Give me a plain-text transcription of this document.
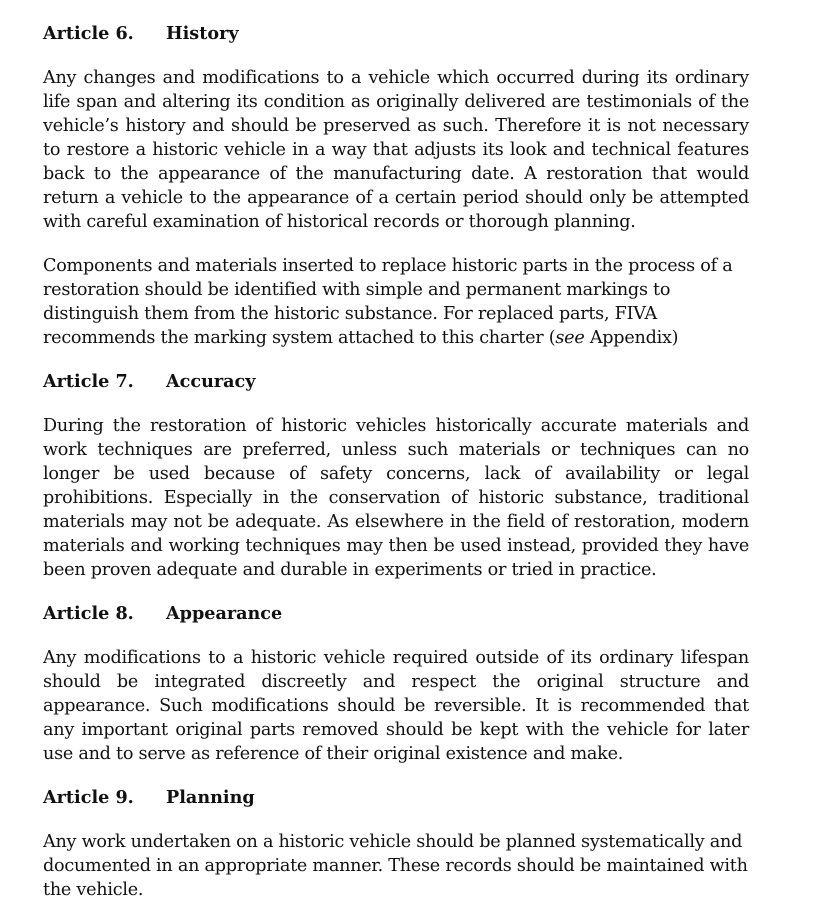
Article 6.	History

Any changes and modifications to a vehicle which occurred during its ordinary life span and altering its condition as originally delivered are testimonials of the vehicle’s history and should be preserved as such. Therefore it is not necessary to restore a historic vehicle in a way that adjusts its look and technical features back to the appearance of the manufacturing date. A restoration that would return a vehicle to the appearance of a certain period should only be attempted with careful examination of historical records or thorough planning.

Components and materials inserted to replace historic parts in the process of a restoration should be identified with simple and permanent markings to distinguish them from the historic substance. For replaced parts, FIVA recommends the marking system attached to this charter (see Appendix)

Article 7.	Accuracy

During the restoration of historic vehicles historically accurate materials and work techniques are preferred, unless such materials or techniques can no longer be used because of safety concerns, lack of availability or legal prohibitions. Especially in the conservation of historic substance, traditional materials may not be adequate. As elsewhere in the field of restoration, modern materials and working techniques may then be used instead, provided they have been proven adequate and durable in experiments or tried in practice.

Article 8.	Appearance

Any modifications to a historic vehicle required outside of its ordinary lifespan should be integrated discreetly and respect the original structure and appearance. Such modifications should be reversible. It is recommended that any important original parts removed should be kept with the vehicle for later use and to serve as reference of their original existence and make.

Article 9.	Planning

Any work undertaken on a historic vehicle should be planned systematically and documented in an appropriate manner. These records should be maintained with the vehicle.
